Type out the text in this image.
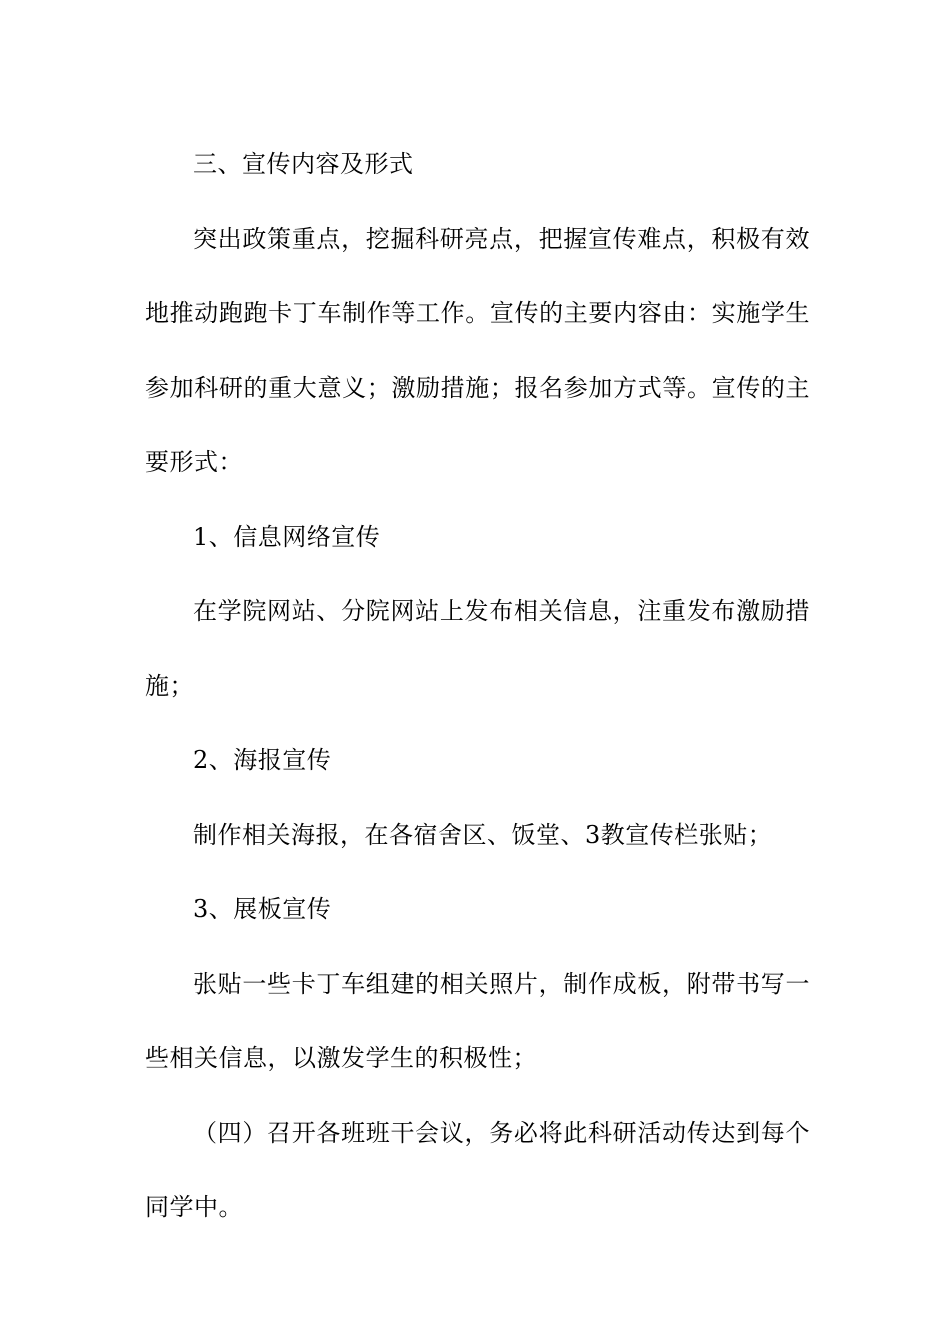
三、宣传内容及形式

突出政策重点，挖掘科研亮点，把握宣传难点，积极有效地推动跑跑卡丁车制作等工作。宣传的主要内容由：实施学生参加科研的重大意义；激励措施；报名参加方式等。宣传的主要形式：

1、信息网络宣传

在学院网站、分院网站上发布相关信息，注重发布激励措施；

2、海报宣传

制作相关海报，在各宿舍区、饭堂、3教宣传栏张贴；

3、展板宣传

张贴一些卡丁车组建的相关照片，制作成板，附带书写一些相关信息，以激发学生的积极性；

（四）召开各班班干会议，务必将此科研活动传达到每个同学中。
